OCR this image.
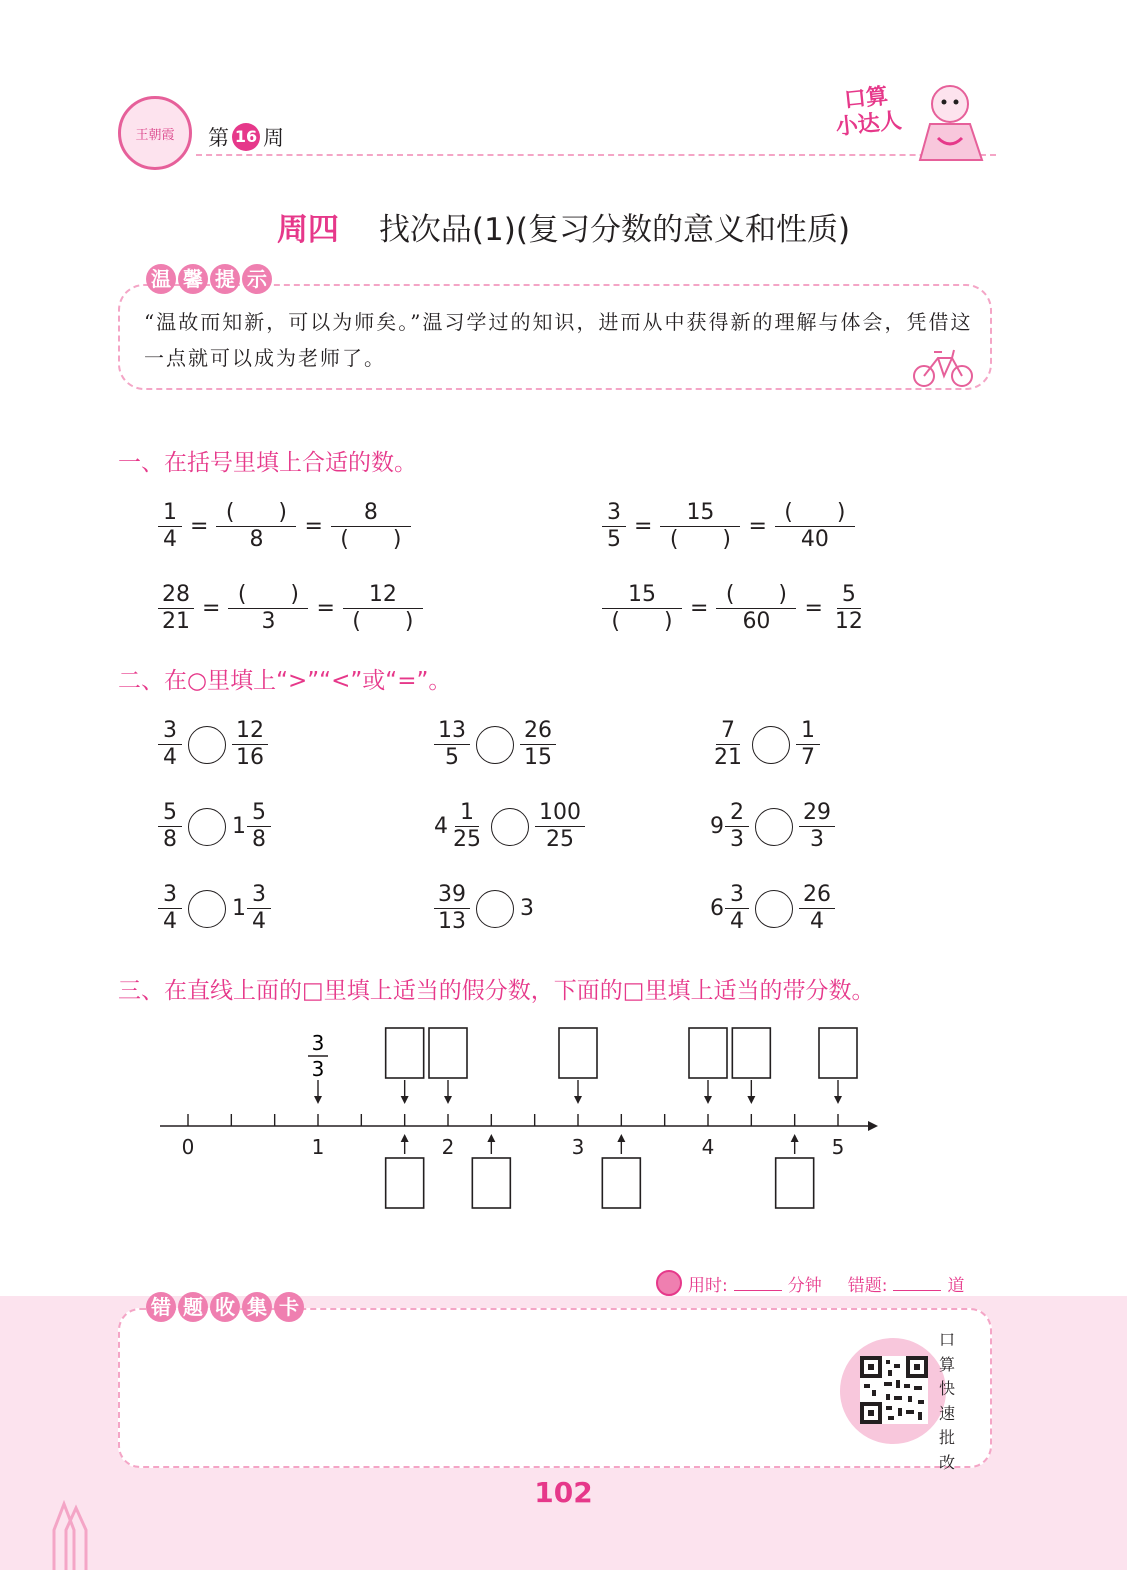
王朝霞 第 16 周
口算
小达人
周四 找次品(1)(复习分数的意义和性质)
温 馨 提 示
“温故而知新，可以为师矣。”温习学过的知识，进而从中获得新的理解与体会，凭借这一点就可以成为老师了。
一、在括号里填上合适的数。
$\frac{1}{4} = \frac{( )}{8} = \frac{8}{( )}$	$\frac{3}{5} = \frac{15}{( )} = \frac{( )}{40}$
$\frac{28}{21} = \frac{( )}{3} = \frac{12}{( )}$	$\frac{15}{( )} = \frac{( )}{60} = \frac{5}{12}$
二、在○里填上“>”“<”或“=”。
$\frac{3}{4} \frac{12}{16}$	$\frac{13}{5} \frac{26}{15}$	$\frac{7}{21} \frac{1}{7}$
$\frac{5}{8} 1 \frac{5}{8}$	$4 \frac{1}{25} \frac{100}{25}$	$9 \frac{2}{3} \frac{29}{3}$
$\frac{3}{4} 1 \frac{3}{4}$	$\frac{39}{13} 3$	$6 \frac{3}{4} \frac{26}{4}$
三、在直线上面的□里填上适当的假分数，下面的□里填上适当的带分数。
0	1	2	3	4	5
3
3
用时:	分钟 错题:	道
错 题 收 集 卡
口
算
快
速
批
改
102
